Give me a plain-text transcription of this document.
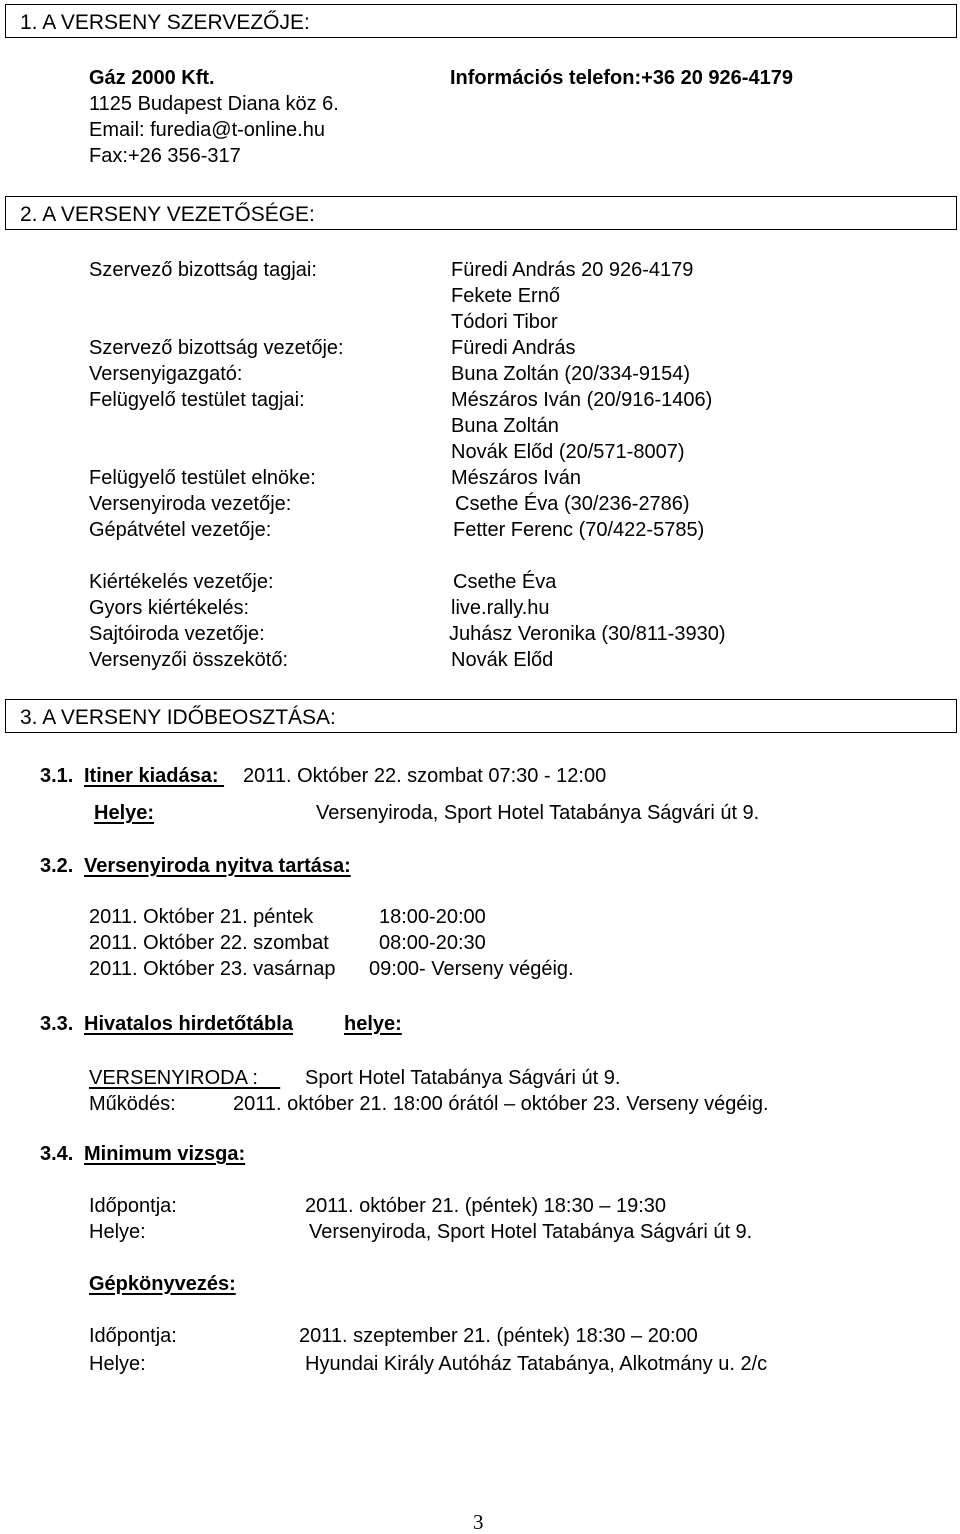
1. A VERSENY SZERVEZŐJE:
Gáz 2000 Kft.	Információs telefon:+36 20 926-4179
1125 Budapest Diana köz 6.
Email: furedia@t-online.hu
Fax:+26 356-317
2. A VERSENY VEZETŐSÉGE:
Szervező bizottság tagjai:	Füredi András 20 926-4179
Fekete Ernő
Tódori Tibor
Szervező bizottság vezetője:	Füredi András
Versenyigazgató:	Buna Zoltán (20/334-9154)
Felügyelő testület tagjai:	Mészáros Iván (20/916-1406)
Buna Zoltán
Novák Előd (20/571-8007)
Felügyelő testület elnöke:	Mészáros Iván
Versenyiroda vezetője:	Csethe Éva (30/236-2786)
Gépátvétel vezetője:	Fetter Ferenc (70/422-5785)
Kiértékelés vezetője:	Csethe Éva
Gyors kiértékelés:	live.rally.hu
Sajtóiroda vezetője:	Juhász Veronika (30/811-3930)
Versenyzői összekötő:	Novák Előd
3. A VERSENY IDŐBEOSZTÁSA:
3.1. Itiner kiadása: 2011. Október 22. szombat 07:30 - 12:00
Helye:	Versenyiroda, Sport Hotel Tatabánya Ságvári út 9.
3.2. Versenyiroda nyitva tartása:
2011. Október 21. péntek	18:00-20:00
2011. Október 22. szombat	08:00-20:30
2011. Október 23. vasárnap 09:00- Verseny végéig.
3.3. Hivatalos hirdetőtábla	helye:
VERSENYIRODA : Sport Hotel Tatabánya Ságvári út 9.
Működés:	2011. október 21. 18:00 órától – október 23. Verseny végéig.
3.4. Minimum vizsga:
Időpontja:	2011. október 21. (péntek) 18:30 – 19:30
Helye:	Versenyiroda, Sport Hotel Tatabánya Ságvári út 9.
Gépkönyvezés:
Időpontja:	2011. szeptember 21. (péntek) 18:30 – 20:00
Helye:	Hyundai Király Autóház Tatabánya, Alkotmány u. 2/c
3
